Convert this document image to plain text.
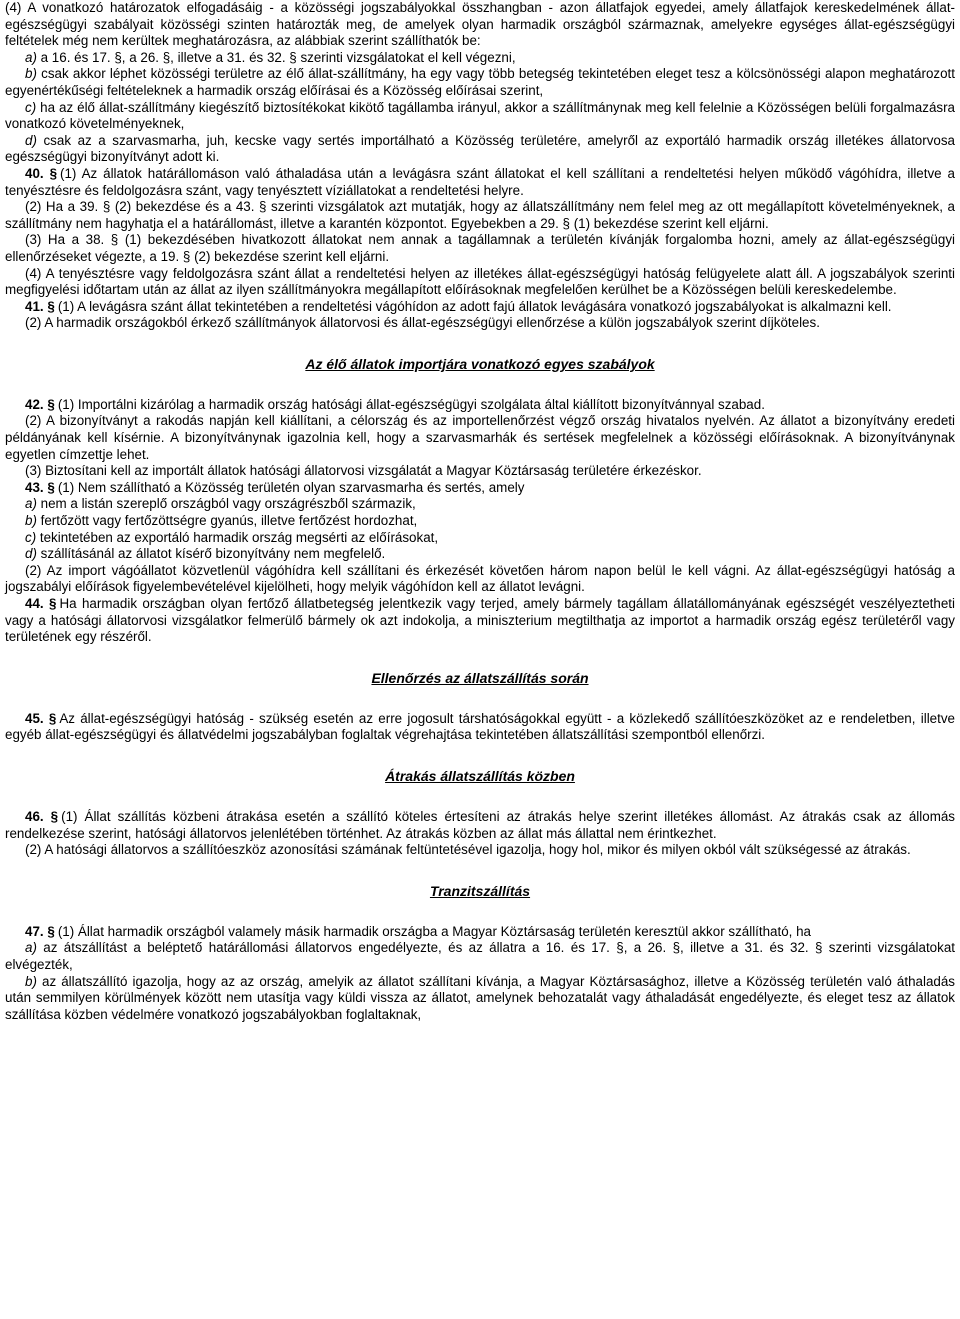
(4) A vonatkozó határozatok elfogadásáig - a közösségi jogszabályokkal összhangban - azon állatfajok egyedei, amely állatfajok kereskedelmének állat-egészségügyi szabályait közösségi szinten határozták meg, de amelyek olyan harmadik országból származnak, amelyekre egységes állat-egészségügyi feltételek még nem kerültek meghatározásra, az alábbiak szerint szállíthatók be:

a) a 16. és 17. §, a 26. §, illetve a 31. és 32. § szerinti vizsgálatokat el kell végezni,

b) csak akkor léphet közösségi területre az élő állat-szállítmány, ha egy vagy több betegség tekintetében eleget tesz a kölcsönösségi alapon meghatározott egyenértékűségi feltételeknek a harmadik ország előírásai és a Közösség előírásai szerint,

c) ha az élő állat-szállítmány kiegészítő biztosítékokat kikötő tagállamba irányul, akkor a szállítmánynak meg kell felelnie a Közösségen belüli forgalmazásra vonatkozó követelményeknek,

d) csak az a szarvasmarha, juh, kecske vagy sertés importálható a Közösség területére, amelyről az exportáló harmadik ország illetékes állatorvosa egészségügyi bizonyítványt adott ki.

40. § (1) Az állatok határállomáson való áthaladása után a levágásra szánt állatokat el kell szállítani a rendeltetési helyen működő vágóhídra, illetve a tenyésztésre és feldolgozásra szánt, vagy tenyésztett víziállatokat a rendeltetési helyre.

(2) Ha a 39. § (2) bekezdése és a 43. § szerinti vizsgálatok azt mutatják, hogy az állatszállítmány nem felel meg az ott megállapított követelményeknek, a szállítmány nem hagyhatja el a határállomást, illetve a karantén központot. Egyebekben a 29. § (1) bekezdése szerint kell eljárni.

(3) Ha a 38. § (1) bekezdésében hivatkozott állatokat nem annak a tagállamnak a területén kívánják forgalomba hozni, amely az állat-egészségügyi ellenőrzéseket végezte, a 19. § (2) bekezdése szerint kell eljárni.

(4) A tenyésztésre vagy feldolgozásra szánt állat a rendeltetési helyen az illetékes állat-egészségügyi hatóság felügyelete alatt áll. A jogszabályok szerinti megfigyelési időtartam után az állat az ilyen szállítmányokra megállapított előírásoknak megfelelően kerülhet be a Közösségen belüli kereskedelembe.

41. § (1) A levágásra szánt állat tekintetében a rendeltetési vágóhídon az adott fajú állatok levágására vonatkozó jogszabályokat is alkalmazni kell.

(2) A harmadik országokból érkező szállítmányok állatorvosi és állat-egészségügyi ellenőrzése a külön jogszabályok szerint díjköteles.

Az élő állatok importjára vonatkozó egyes szabályok

42. § (1) Importálni kizárólag a harmadik ország hatósági állat-egészségügyi szolgálata által kiállított bizonyítvánnyal szabad.

(2) A bizonyítványt a rakodás napján kell kiállítani, a célország és az importellenőrzést végző ország hivatalos nyelvén. Az állatot a bizonyítvány eredeti példányának kell kísérnie. A bizonyítványnak igazolnia kell, hogy a szarvasmarhák és sertések megfelelnek a közösségi előírásoknak. A bizonyítványnak egyetlen címzettje lehet.

(3) Biztosítani kell az importált állatok hatósági állatorvosi vizsgálatát a Magyar Köztársaság területére érkezéskor.

43. § (1) Nem szállítható a Közösség területén olyan szarvasmarha és sertés, amely

a) nem a listán szereplő országból vagy országrészből származik,

b) fertőzött vagy fertőzöttségre gyanús, illetve fertőzést hordozhat,

c) tekintetében az exportáló harmadik ország megsérti az előírásokat,

d) szállításánál az állatot kísérő bizonyítvány nem megfelelő.

(2) Az import vágóállatot közvetlenül vágóhídra kell szállítani és érkezését követően három napon belül le kell vágni. Az állat-egészségügyi hatóság a jogszabályi előírások figyelembevételével kijelölheti, hogy melyik vágóhídon kell az állatot levágni.

44. § Ha harmadik országban olyan fertőző állatbetegség jelentkezik vagy terjed, amely bármely tagállam állatállományának egészségét veszélyeztetheti vagy a hatósági állatorvosi vizsgálatkor felmerülő bármely ok azt indokolja, a miniszterium megtilthatja az importot a harmadik ország egész területéről vagy területének egy részéről.

Ellenőrzés az állatszállítás során

45. § Az állat-egészségügyi hatóság - szükség esetén az erre jogosult társhatóságokkal együtt - a közlekedő szállítóeszközöket az e rendeletben, illetve egyéb állat-egészségügyi és állatvédelmi jogszabályban foglaltak végrehajtása tekintetében állatszállítási szempontból ellenőrzi.

Átrakás állatszállítás közben

46. § (1) Állat szállítás közbeni átrakása esetén a szállító köteles értesíteni az átrakás helye szerint illetékes állomást. Az átrakás csak az állomás rendelkezése szerint, hatósági állatorvos jelenlétében történhet. Az átrakás közben az állat más állattal nem érintkezhet.

(2) A hatósági állatorvos a szállítóeszköz azonosítási számának feltüntetésével igazolja, hogy hol, mikor és milyen okból vált szükségessé az átrakás.

Tranzitszállítás

47. § (1) Állat harmadik országból valamely másik harmadik országba a Magyar Köztársaság területén keresztül akkor szállítható, ha

a) az átszállítást a beléptető határállomási állatorvos engedélyezte, és az állatra a 16. és 17. §, a 26. §, illetve a 31. és 32. § szerinti vizsgálatokat elvégezték,

b) az állatszállító igazolja, hogy az az ország, amelyik az állatot szállítani kívánja, a Magyar Köztársasághoz, illetve a Közösség területén való áthaladás után semmilyen körülmények között nem utasítja vagy küldi vissza az állatot, amelynek behozatalát vagy áthaladását engedélyezte, és eleget tesz az állatok szállítása közben védelmére vonatkozó jogszabályokban foglaltaknak,
